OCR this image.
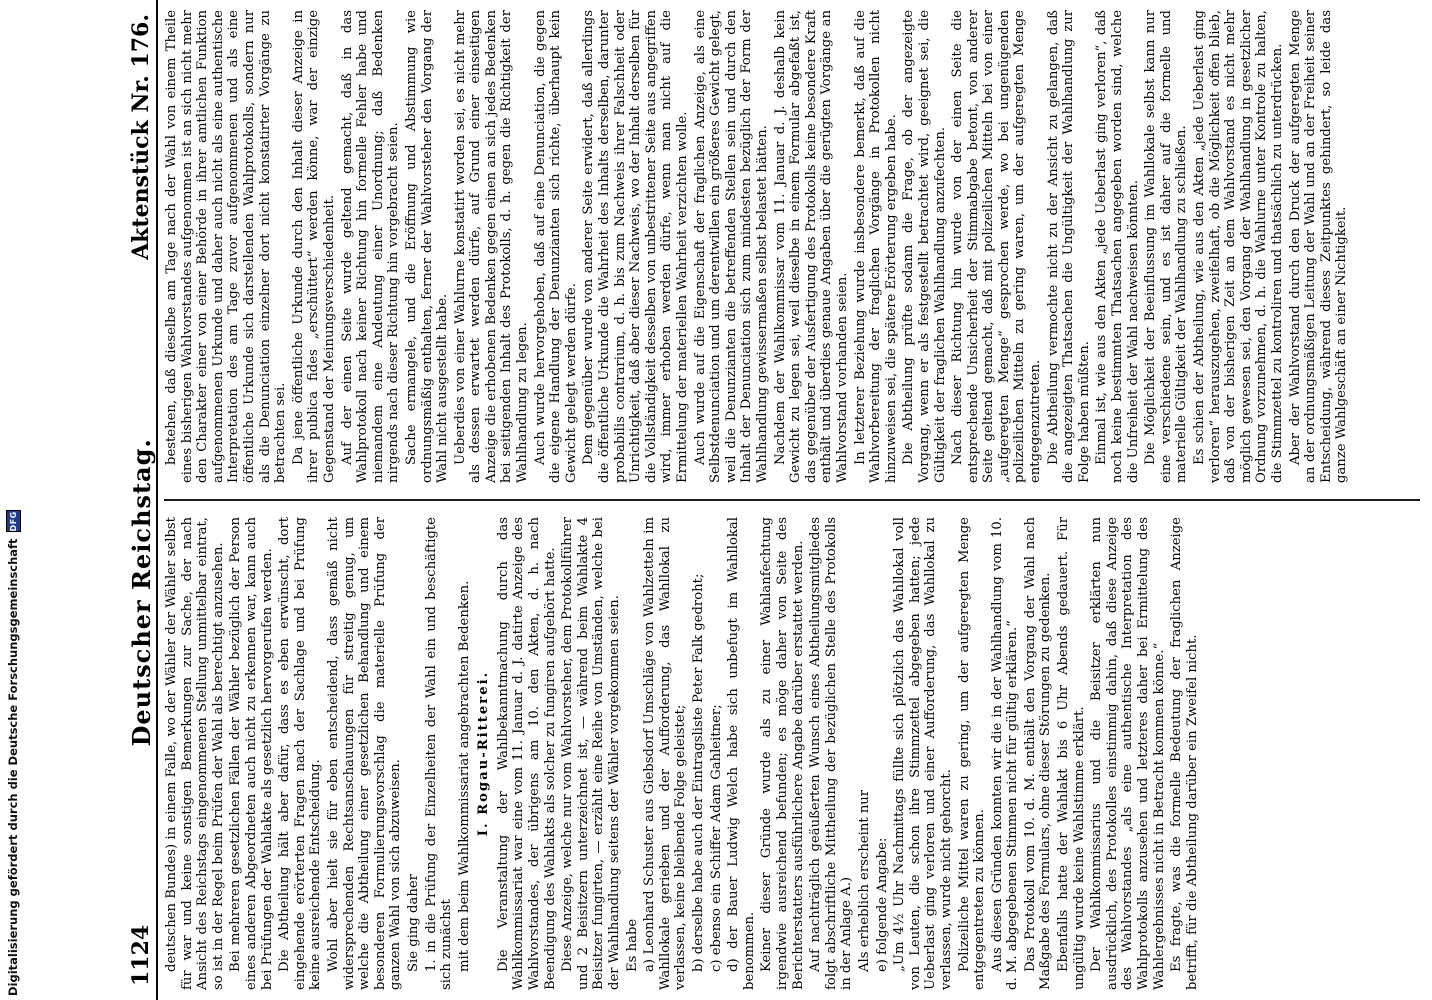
1124
Deutscher Reichstag.
Aktenstück Nr. 176.

deutschen Bundes) in einem Falle, wo der Wähler der Wähler selbst für war und keine sonstigen Bemerkungen zur Sache, der nach Ansicht des Reichstags eingenommenen Stellung unmittelbar eintrat, so ist in der Regel beim Prüfen der Wahl als berechtigt anzusehen. Bei mehreren gesetzlichen Fällen der Wähler bezüglich der Person eines anderen Abgeordneten auch nicht zu erkennen war, kann auch bei Prüfungen der Wahlakte als gesetzlich hervorgerufen werden. Die Abtheilung hält aber dafür, dass es eben erwünscht, dort eingehende erörterten Fragen nach der Sachlage und bei Prüfung keine ausreichende Entscheidung. Wohl aber hielt sie für eben entscheidend, dass gemäß nicht widersprechenden Rechtsanschauungen für streitig genug, um welche die Abtheilung einer gesetzlichen Behandlung und einem besonderen Formulierungsvorschlag die materielle Prüfung der ganzen Wahl von sich abzuweisen. Sie ging daher 1. in die Prüfung der Einzelheiten der Wahl ein und beschäftigte sich zunächst mit dem beim Wahlkommissariat angebrachten Bedenken. I. Rogau-Ritterei. Die Veranstaltung der Wahlbekanntmachung durch das Wahlkommissariat war eine vom 11. Januar d. J. datirte Anzeige des Wahlvorstandes, der übrigens am 10. den Akten, d. h. nach Beendigung des Wahlakts als solcher zu fungiren aufgehört hatte. Diese Anzeige, welche nur vom Wahlvorsteher, dem Protokollführer und 2 Beisitzern unterzeichnet ist, — während beim Wahlakte 4 Beisitzer fungirten, — erzählt eine Reihe von Umständen, welche bei der Wahlhandlung seitens der Wähler vorgekommen seien. Es habe a) Leonhard Schuster aus Giebsdorf Umschläge von Wahlzetteln im Wahllokale gerieben und der Aufforderung, das Wahllokal zu verlassen, keine bleibende Folge geleistet; b) derselbe habe auch der Eintragsliste Peter Falk gedroht; c) ebenso ein Schiffer Adam Gahleitner; d) der Bauer Ludwig Welch habe sich unbefugt im Wahllokal benommen. Keiner dieser Gründe wurde als zu einer Wahlanfechtung irgendwie ausreichend befunden; es möge daher von Seite des Berichterstatters ausführlichere Angabe darüber erstattet werden. Auf nachträglich geäußerten Wunsch eines Abtheilungsmitgliedes folgt abschriftliche Mittheilung der bezüglichen Stelle des Protokolls in der Anlage A.) Als erheblich erscheint nur e) folgende Angabe: „Um 4½ Uhr Nachmittags füllte sich plötzlich das Wahllokal voll von Leuten, die schon ihre Stimmzettel abgegeben hatten; jede Ueberlast ging verloren und einer Aufforderung, das Wahllokal zu verlassen, wurde nicht gehorcht. Polizeiliche Mittel waren zu gering, um der aufgeregten Menge entgegentreten zu können. Aus diesen Gründen konnten wir die in der Wahlhandlung vom 10. d. M. abgegebenen Stimmen nicht für gültig erklären.“ Das Protokoll vom 10. d. M. enthält den Vorgang der Wahl nach Maßgabe des Formulars, ohne dieser Störungen zu gedenken. Ebenfalls hatte der Wahlakt bis 6 Uhr Abends gedauert. Für ungültig wurde keine Wahlstimme erklärt. Der Wahlkommissarius und die Beisitzer erklärten nun ausdrücklich, des Protokolles einstimmig dahin, daß diese Anzeige des Wahlvorstandes „als eine authentische Interpretation des Wahlprotokolls anzusehen und letzteres daher bei Ermittelung des Wahlergebnisses nicht in Betracht kommen könne.“ Es fragte, was die formelle Bedeutung der fraglichen Anzeige betrifft, für die Abtheilung darüber ein Zweifel nicht.

bestehen, daß dieselbe am Tage nach der Wahl von einem Theile eines bisherigen Wahlvorstandes aufgenommen ist an sich nicht mehr den Charakter einer von einer Behörde in ihrer amtlichen Funktion aufgenommenen Urkunde und daher auch nicht als eine authentische Interpretation des am Tage zuvor aufgenommenen und als eine öffentliche Urkunde sich darstellenden Wahlprotokolls, sondern nur als die Denunciation einzelner dort nicht konstatirter Vorgänge zu betrachten sei. Da jene öffentliche Urkunde durch den Inhalt dieser Anzeige in ihrer publica fides „erschüttert“ werden könne, war der einzige Gegenstand der Meinungsverschiedenheit. Auf der einen Seite wurde geltend gemacht, daß in das Wahlprotokoll nach keiner Richtung hin formelle Fehler habe und niemandem eine Andeutung einer Unordnung; daß Bedenken nirgends nach dieser Richtung hin vorgebracht seien. Sache ermangele, und die Eröffnung und Abstimmung wie ordnungsmäßig enthalten, ferner der Wahlvorsteher den Vorgang der Wahl nicht ausgestellt habe. Ueberdies von einer Wahlurne konstatirt worden sei, es nicht mehr als dessen erwartet werden dürfe, auf Grund einer einseitigen Anzeige die erhobenen Bedenken gegen einen an sich jedes Bedenken bei seitigenden Inhalt des Protokolls, d. h. gegen die Richtigkeit der Wahlhandlung zu legen. Auch wurde hervorgehoben, daß auf eine Denunciation, die gegen die eigene Handlung der Denunzianten sich richte, überhaupt kein Gewicht gelegt werden dürfe. Dem gegenüber wurde von anderer Seite erwidert, daß allerdings die öffentliche Urkunde die Wahrheit des Inhalts derselben, darunter probabilis contrarium, d. h. bis zum Nachweis ihrer Falschheit oder Unrichtigkeit, daß aber dieser Nachweis, wo der Inhalt derselben für die Vollständigkeit desselben von unbestrittener Seite aus angegriffen wird, immer erhoben werden dürfe, wenn man nicht auf die Ermittelung der materiellen Wahrheit verzichten wolle. Auch wurde auf die Eigenschaft der fraglichen Anzeige, als eine Selbstdenunciation und um derentwillen ein größeres Gewicht gelegt, weil die Denunzianten die betreffenden Stellen sein und durch den Inhalt der Denunciation sich zum mindesten bezüglich der Form der Wahlhandlung gewissermaßen selbst belastet hätten. Nachdem der Wahlkommissar vom 11. Januar d. J. deshalb kein Gewicht zu legen sei, weil dieselbe in einem Formular abgefaßt ist, das gegenüber der Ausfertigung des Protokolls keine besondere Kraft enthält und überdies genaue Angaben über die gerügten Vorgänge an Wahlvorstand vorhanden seien. In letzterer Beziehung wurde insbesondere bemerkt, daß auf die Wahlvorbereitung der fraglichen Vorgänge in Protokollen nicht hinzuweisen sei, die spätere Erörterung ergeben habe. Die Abtheilung prüfte sodann die Frage, ob der angezeigte Vorgang, wenn er als festgestellt betrachtet wird, geeignet sei, die Gültigkeit der fraglichen Wahlhandlung anzufechten. Nach dieser Richtung hin wurde von der einen Seite die entsprechende Unsicherheit der Stimmabgabe betont, von anderer Seite geltend gemacht, daß mit polizeilichen Mitteln bei von einer „aufgeregten Menge“ gesprochen werde, wo bei ungenügenden polizeilichen Mitteln zu gering waren, um der aufgeregten Menge entgegenzutreten. Die Abtheilung vermochte nicht zu der Ansicht zu gelangen, daß die angezeigten Thatsachen die Ungültigkeit der Wahlhandlung zur Folge haben müßten. Einmal ist, wie aus den Akten „jede Ueberlast ging verloren“, daß noch keine bestimmten Thatsachen angegeben worden sind, welche die Unfreiheit der Wahl nachweisen könnten. Die Möglichkeit der Beeinflussung im Wahllokale selbst kann nur eine verschiedene sein, und es ist daher auf die formelle und materielle Gültigkeit der Wahlhandlung zu schließen. Es schien der Abtheilung, wie aus den Akten „jede Ueberlast ging verloren“ herauszugehen, zweifelhaft, ob die Möglichkeit offen blieb, daß von der bisherigen Zeit an dem Wahlvorstand es nicht mehr möglich gewesen sei, den Vorgang der Wahlhandlung in gesetzlicher Ordnung vorzunehmen, d. h. die Wahlurne unter Kontrole zu halten, die Stimmzettel zu kontroliren und thatsächlich zu unterdrücken. Aber der Wahlvorstand durch den Druck der aufgeregten Menge an der ordnungsmäßigen Leitung der Wahl und an der Freiheit seiner Entscheidung, während dieses Zeitpunktes gehindert, so leide das ganze Wahlgeschäft an einer Nichtigkeit.

Digitalisierung gefördert durch die Deutsche Forschungsgemeinschaft
DFG
